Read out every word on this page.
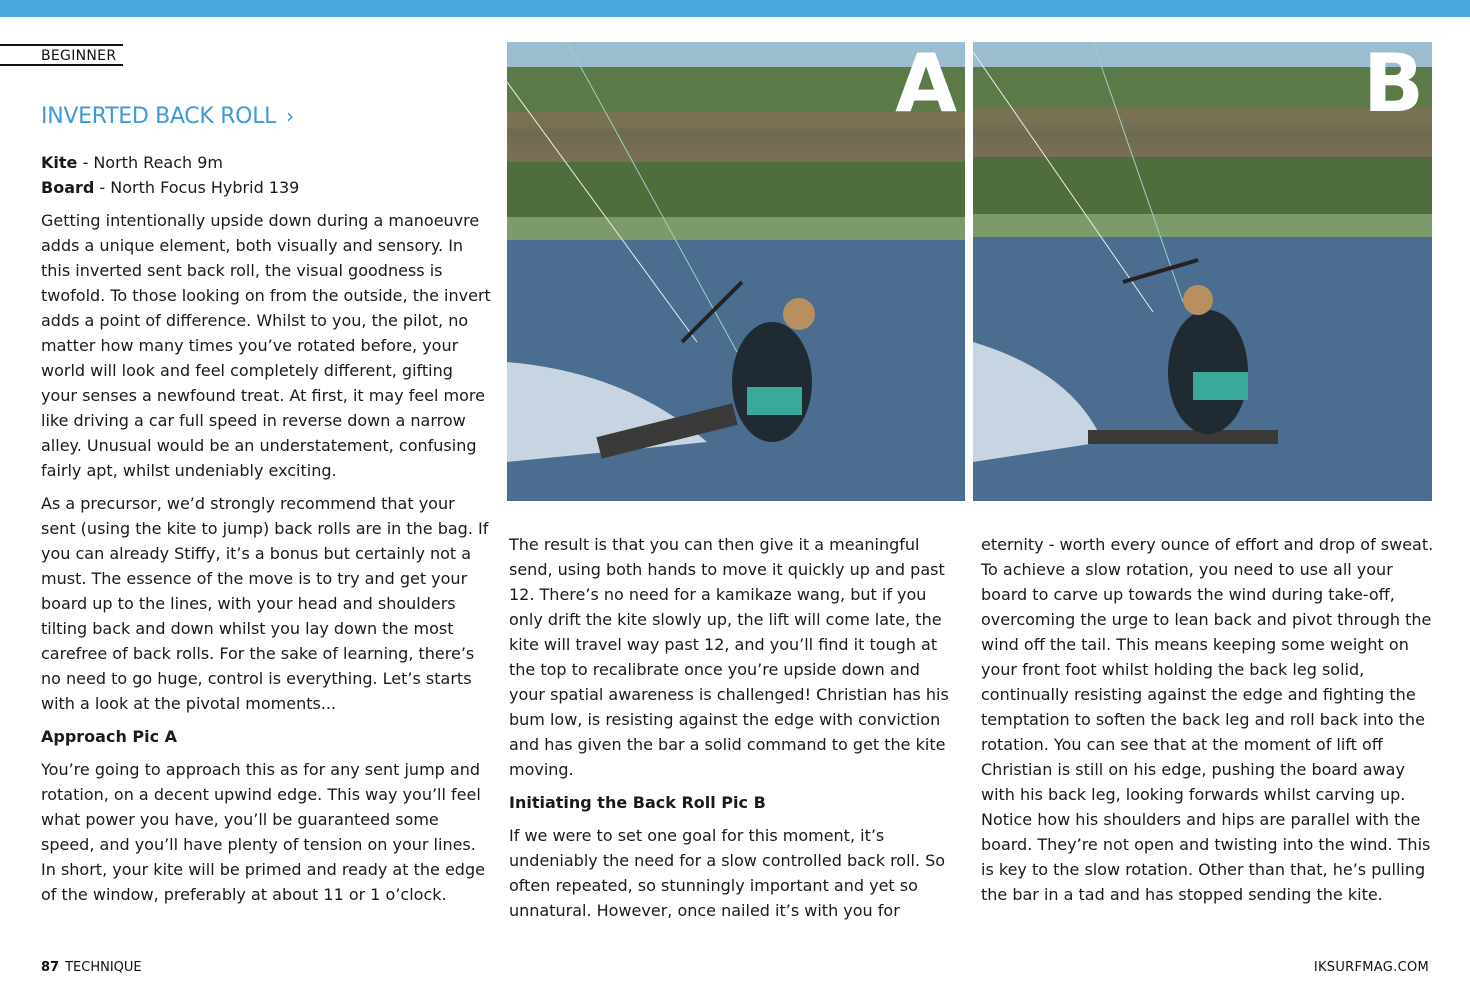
BEGINNER
INVERTED BACK ROLL ›
Kite - North Reach 9m
Board - North Focus Hybrid 139

Getting intentionally upside down during a manoeuvre adds a unique element, both visually and sensory. In this inverted sent back roll, the visual goodness is twofold. To those looking on from the outside, the invert adds a point of difference. Whilst to you, the pilot, no matter how many times you’ve rotated before, your world will look and feel completely different, gifting your senses a newfound treat. At first, it may feel more like driving a car full speed in reverse down a narrow alley. Unusual would be an understatement, confusing fairly apt, whilst undeniably exciting.

As a precursor, we’d strongly recommend that your sent (using the kite to jump) back rolls are in the bag. If you can already Stiffy, it’s a bonus but certainly not a must. The essence of the move is to try and get your board up to the lines, with your head and shoulders tilting back and down whilst you lay down the most carefree of back rolls. For the sake of learning, there’s no need to go huge, control is everything. Let’s starts with a look at the pivotal moments...

Approach Pic A

You’re going to approach this as for any sent jump and rotation, on a decent upwind edge. This way you’ll feel what power you have, you’ll be guaranteed some speed, and you’ll have plenty of tension on your lines. In short, your kite will be primed and ready at the edge of the window, preferably at about 11 or 1 o’clock.

A	B

The result is that you can then give it a meaningful send, using both hands to move it quickly up and past 12. There’s no need for a kamikaze wang, but if you only drift the kite slowly up, the lift will come late, the kite will travel way past 12, and you’ll find it tough at the top to recalibrate once you’re upside down and your spatial awareness is challenged! Christian has his bum low, is resisting against the edge with conviction and has given the bar a solid command to get the kite moving.

Initiating the Back Roll Pic B

If we were to set one goal for this moment, it’s undeniably the need for a slow controlled back roll. So often repeated, so stunningly important and yet so unnatural. However, once nailed it’s with you for

eternity - worth every ounce of effort and drop of sweat. To achieve a slow rotation, you need to use all your board to carve up towards the wind during take-off, overcoming the urge to lean back and pivot through the wind off the tail. This means keeping some weight on your front foot whilst holding the back leg solid, continually resisting against the edge and fighting the temptation to soften the back leg and roll back into the rotation. You can see that at the moment of lift off Christian is still on his edge, pushing the board away with his back leg, looking forwards whilst carving up. Notice how his shoulders and hips are parallel with the board. They’re not open and twisting into the wind. This is key to the slow rotation. Other than that, he’s pulling the bar in a tad and has stopped sending the kite.

87 TECHNIQUE	IKSURFMAG.COM
